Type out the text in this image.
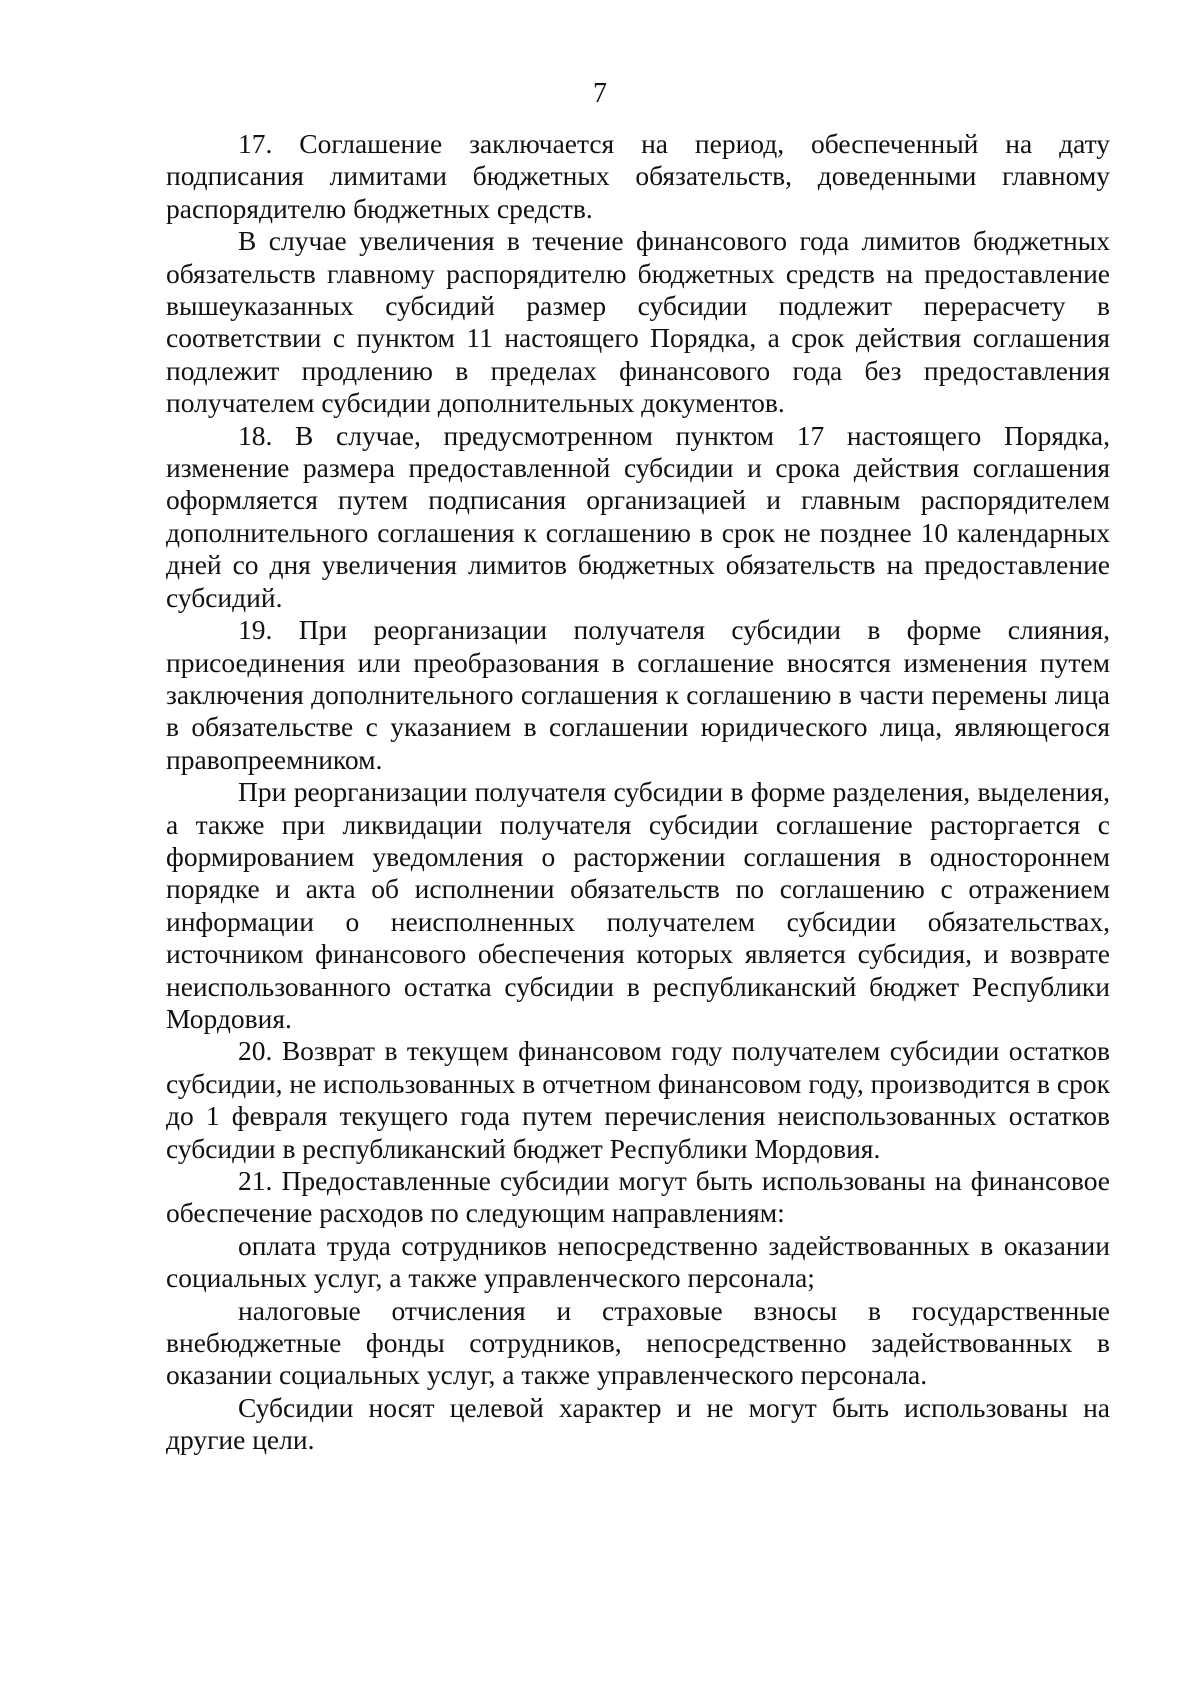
7

17. Соглашение заключается на период, обеспеченный на дату подписания лимитами бюджетных обязательств, доведенными главному распорядителю бюджетных средств.

В случае увеличения в течение финансового года лимитов бюджетных обязательств главному распорядителю бюджетных средств на предоставление вышеуказанных субсидий размер субсидии подлежит перерасчету в соответствии с пунктом 11 настоящего Порядка, а срок действия соглашения подлежит продлению в пределах финансового года без предоставления получателем субсидии дополнительных документов.

18. В случае, предусмотренном пунктом 17 настоящего Порядка, изменение размера предоставленной субсидии и срока действия соглашения оформляется путем подписания организацией и главным распорядителем дополнительного соглашения к соглашению в срок не позднее 10 календарных дней со дня увеличения лимитов бюджетных обязательств на предоставление субсидий.

19. При реорганизации получателя субсидии в форме слияния, присоединения или преобразования в соглашение вносятся изменения путем заключения дополнительного соглашения к соглашению в части перемены лица в обязательстве с указанием в соглашении юридического лица, являющегося правопреемником.

При реорганизации получателя субсидии в форме разделения, выделения, а также при ликвидации получателя субсидии соглашение расторгается с формированием уведомления о расторжении соглашения в одностороннем порядке и акта об исполнении обязательств по соглашению с отражением информации о неисполненных получателем субсидии обязательствах, источником финансового обеспечения которых является субсидия, и возврате неиспользованного остатка субсидии в республиканский бюджет Республики Мордовия.

20. Возврат в текущем финансовом году получателем субсидии остатков субсидии, не использованных в отчетном финансовом году, производится в срок до 1 февраля текущего года путем перечисления неиспользованных остатков субсидии в республиканский бюджет Республики Мордовия.

21. Предоставленные субсидии могут быть использованы на финансовое обеспечение расходов по следующим направлениям:

оплата труда сотрудников непосредственно задействованных в оказании социальных услуг, а также управленческого персонала;

налоговые отчисления и страховые взносы в государственные внебюджетные фонды сотрудников, непосредственно задействованных в оказании социальных услуг, а также управленческого персонала.

Субсидии носят целевой характер и не могут быть использованы на другие цели.
